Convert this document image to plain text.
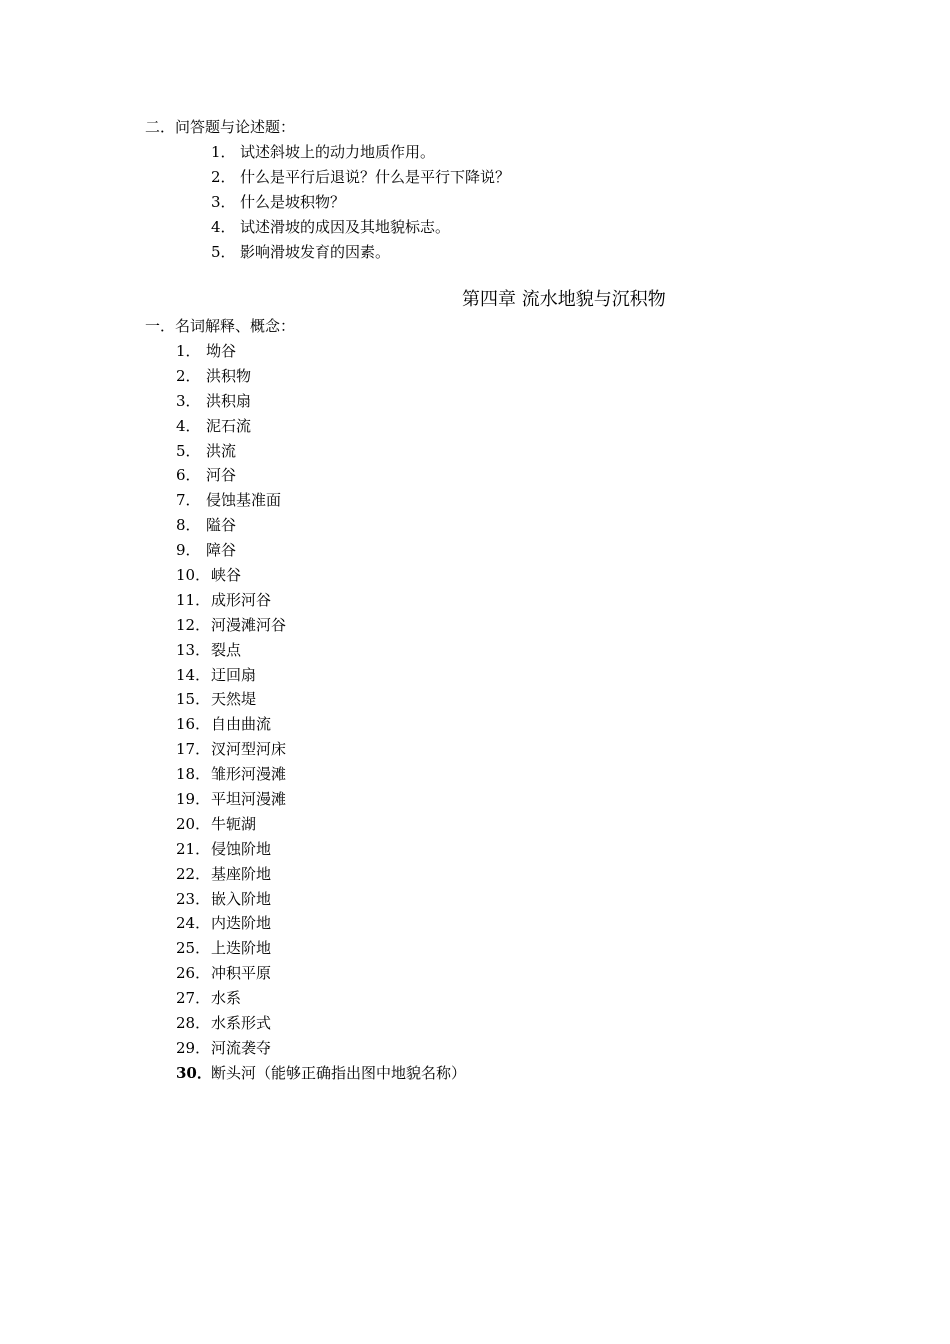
二．问答题与论述题：
1． 试述斜坡上的动力地质作用。
2． 什么是平行后退说？什么是平行下降说？
3． 什么是坡积物？
4． 试述滑坡的成因及其地貌标志。
5． 影响滑坡发育的因素。
第四章 流水地貌与沉积物
一．名词解释、概念：
1． 坳谷
2． 洪积物
3． 洪积扇
4． 泥石流
5． 洪流
6． 河谷
7． 侵蚀基准面
8． 隘谷
9． 障谷
10．峡谷
11．成形河谷
12．河漫滩河谷
13．裂点
14．迂回扇
15．天然堤
16．自由曲流
17．汊河型河床
18．雏形河漫滩
19．平坦河漫滩
20．牛轭湖
21．侵蚀阶地
22．基座阶地
23．嵌入阶地
24．内迭阶地
25．上迭阶地
26．冲积平原
27．水系
28．水系形式
29．河流袭夺
30．断头河（能够正确指出图中地貌名称）
